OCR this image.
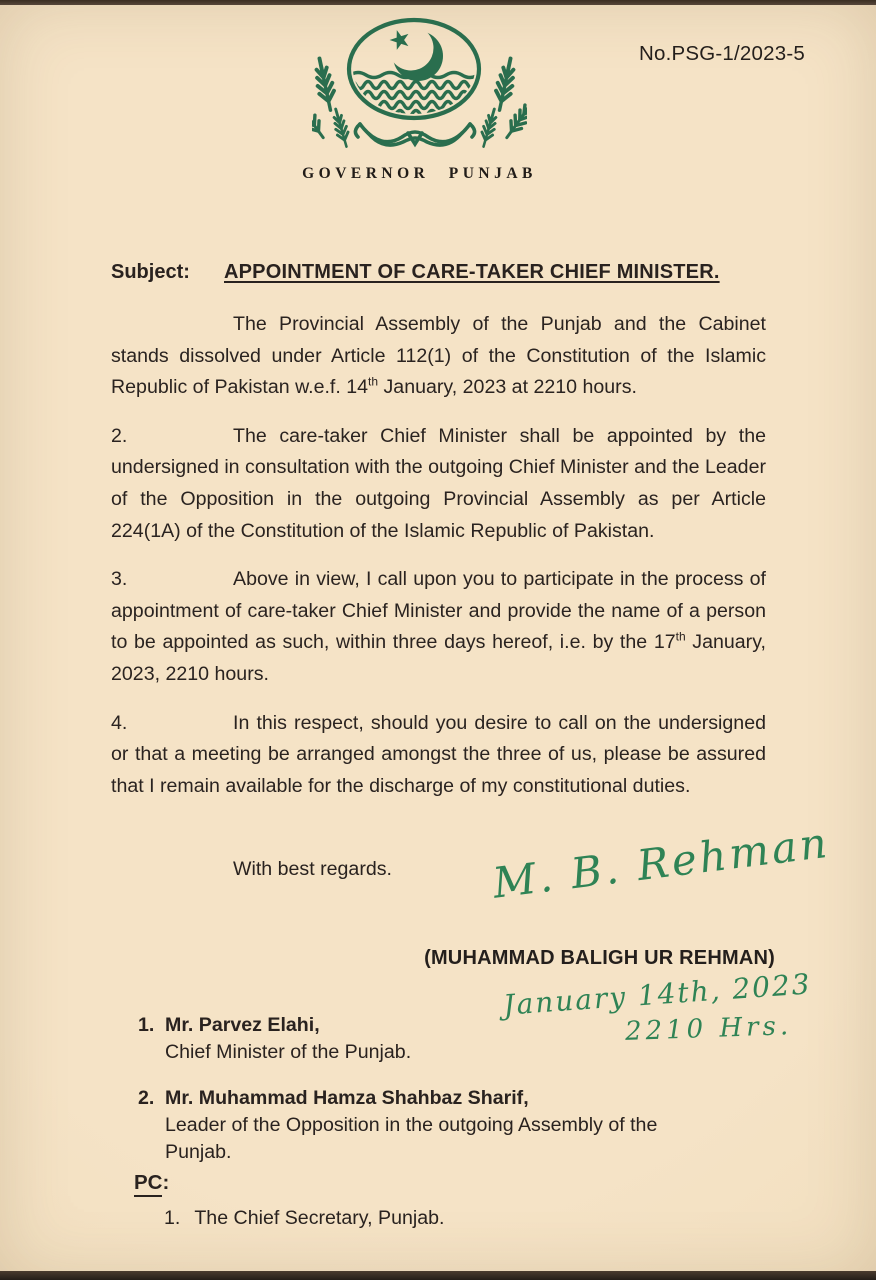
GOVERNOR PUNJAB
No.PSG-1/2023-5
Subject:	APPOINTMENT OF CARE-TAKER CHIEF MINISTER.

The Provincial Assembly of the Punjab and the Cabinet stands dissolved under Article 112(1) of the Constitution of the Islamic Republic of Pakistan w.e.f. 14th January, 2023 at 2210 hours.

2.	The care-taker Chief Minister shall be appointed by the undersigned in consultation with the outgoing Chief Minister and the Leader of the Opposition in the outgoing Provincial Assembly as per Article 224(1A) of the Constitution of the Islamic Republic of Pakistan.

3.	Above in view, I call upon you to participate in the process of appointment of care-taker Chief Minister and provide the name of a person to be appointed as such, within three days hereof, i.e. by the 17th January, 2023, 2210 hours.

4.	In this respect, should you desire to call on the undersigned or that a meeting be arranged amongst the three of us, please be assured that I remain available for the discharge of my constitutional duties.

With best regards.	M. B. Rehman
(MUHAMMAD BALIGH UR REHMAN)
January 14th, 2023
2210 Hrs.
1. Mr. Parvez Elahi,
Chief Minister of the Punjab.
2. Mr. Muhammad Hamza Shahbaz Sharif,
Leader of the Opposition in the outgoing Assembly of the Punjab.
PC:
1. The Chief Secretary, Punjab.
